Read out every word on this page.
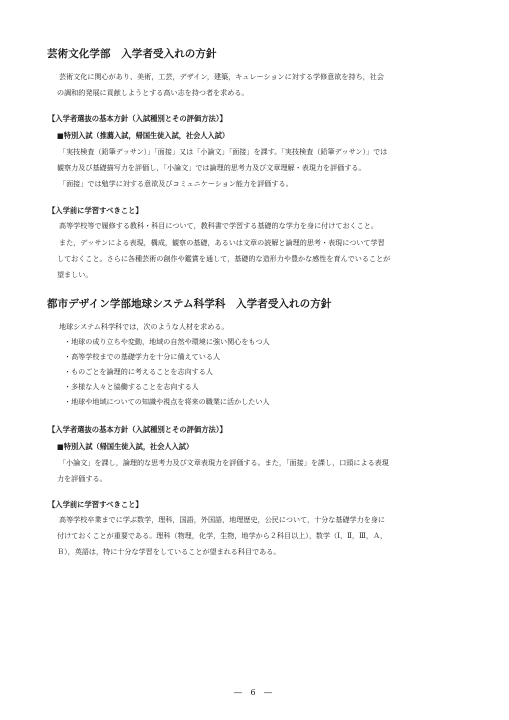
芸術文化学部　入学者受入れの方針
芸術文化に関心があり、美術，工芸，デザイン，建築，キュレーションに対する学修意欲を持ち，社会
の調和的発展に貢献しようとする高い志を持つ者を求める。
【入学者選抜の基本方針（入試種別とその評価方法）】
■特別入試（推薦入試，帰国生徒入試，社会人入試）
「実技検査（鉛筆デッサン）」「面接」又は「小論文」「面接」を課す。「実技検査（鉛筆デッサン）」では
観察力及び基礎描写力を評価し，「小論文」では論理的思考力及び文章理解・表現力を評価する。
「面接」では勉学に対する意欲及びコミュニケーション能力を評価する。
【入学前に学習すべきこと】
高等学校等で履修する教科・科目について，教科書で学習する基礎的な学力を身に付けておくこと。
また，デッサンによる表現，構成，観察の基礎，あるいは文章の読解と論理的思考・表現について学習
しておくこと。さらに各種芸術の創作や鑑賞を通して，基礎的な造形力や豊かな感性を育んでいることが
望ましい。
都市デザイン学部地球システム科学科　入学者受入れの方針
地球システム科学科では，次のような人材を求める。
・地球の成り立ちや変動，地域の自然や環境に強い関心をもつ人
・高等学校までの基礎学力を十分に備えている人
・ものごとを論理的に考えることを志向する人
・多様な人々と協働することを志向する人
・地球や地域についての知識や視点を将来の職業に活かしたい人
【入学者選抜の基本方針（入試種別とその評価方法）】
■特別入試（帰国生徒入試，社会人入試）
「小論文」を課し，論理的な思考力及び文章表現力を評価する。また，「面接」を課し，口頭による表現
力を評価する。
【入学前に学習すべきこと】
高等学校卒業までに学ぶ数学，理科，国語，外国語，地理歴史，公民について，十分な基礎学力を身に
付けておくことが重要である。理科（物理，化学，生物，地学から２科目以上），数学（Ⅰ，Ⅱ，Ⅲ，Ａ，
Ｂ），英語は，特に十分な学習をしていることが望まれる科目である。
― 6 ―
